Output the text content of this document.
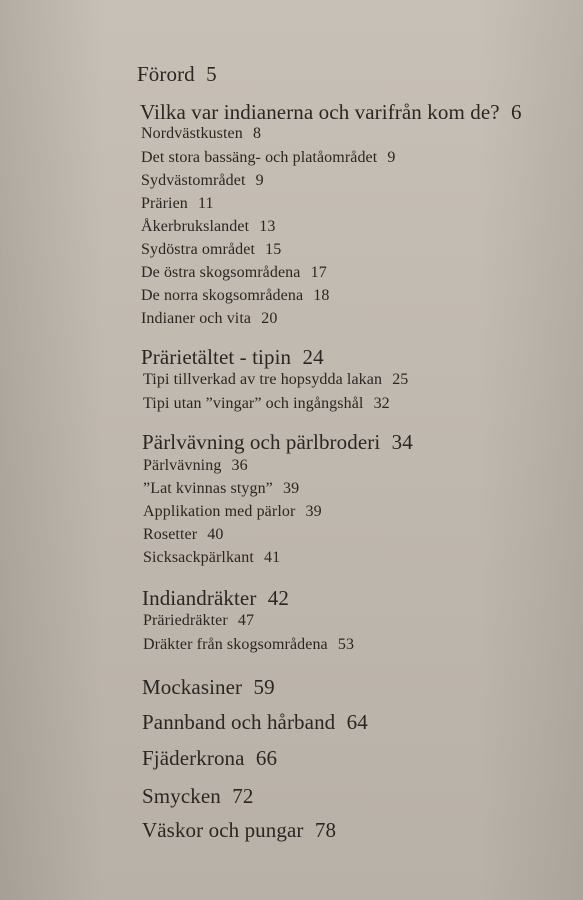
Förord 5
Vilka var indianerna och varifrån kom de? 6
Nordvästkusten 8
Det stora bassäng- och platåområdet 9
Sydvästområdet 9
Prärien 11
Åkerbrukslandet 13
Sydöstra området 15
De östra skogsområdena 17
De norra skogsområdena 18
Indianer och vita 20
Prärietältet - tipin 24
Tipi tillverkad av tre hopsydda lakan 25
Tipi utan ”vingar” och ingångshål 32
Pärlvävning och pärlbroderi 34
Pärlvävning 36
”Lat kvinnas stygn” 39
Applikation med pärlor 39
Rosetter 40
Sicksackpärlkant 41
Indiandräkter 42
Präriedräkter 47
Dräkter från skogsområdena 53
Mockasiner 59
Pannband och hårband 64
Fjäderkrona 66
Smycken 72
Väskor och pungar 78
